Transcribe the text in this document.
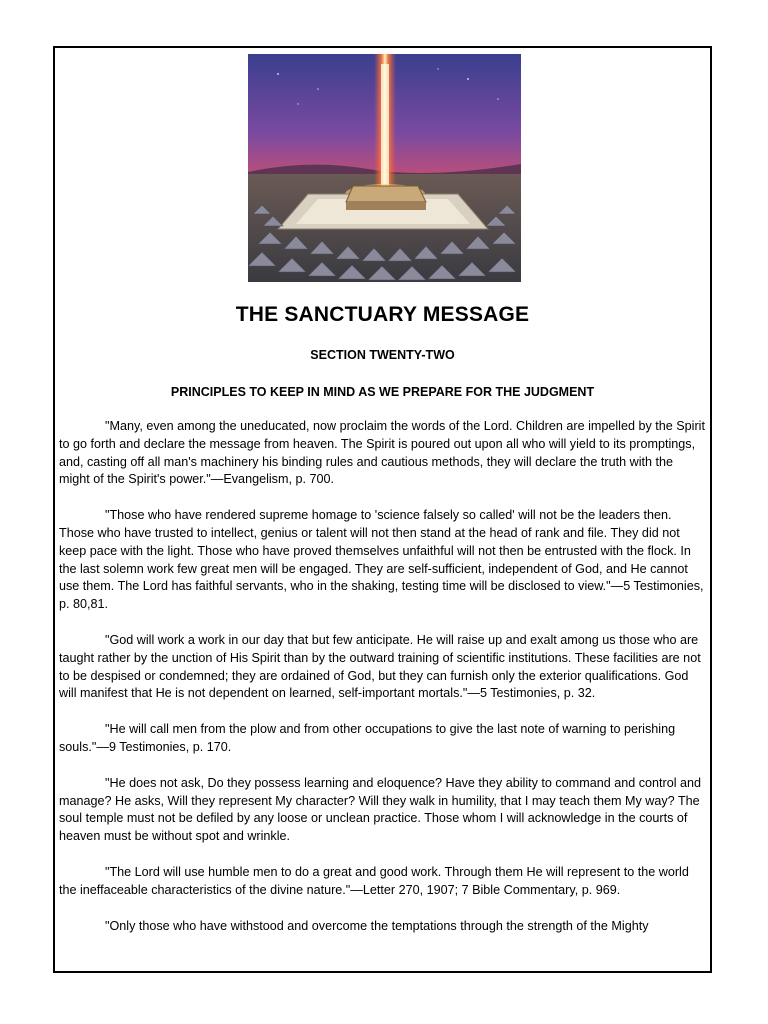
THE SANCTUARY MESSAGE
SECTION TWENTY-TWO
PRINCIPLES TO KEEP IN MIND AS WE PREPARE FOR THE JUDGMENT

"Many, even among the uneducated, now proclaim the words of the Lord. Children are impelled by the Spirit to go forth and declare the message from heaven. The Spirit is poured out upon all who will yield to its promptings, and, casting off all man's machinery his binding rules and cautious methods, they will declare the truth with the might of the Spirit's power."—Evangelism, p. 700.

"Those who have rendered supreme homage to 'science falsely so called' will not be the leaders then. Those who have trusted to intellect, genius or talent will not then stand at the head of rank and file. They did not keep pace with the light. Those who have proved themselves unfaithful will not then be entrusted with the flock. In the last solemn work few great men will be engaged. They are self-sufficient, independent of God, and He cannot use them. The Lord has faithful servants, who in the shaking, testing time will be disclosed to view."—5 Testimonies, p. 80,81.

"God will work a work in our day that but few anticipate. He will raise up and exalt among us those who are taught rather by the unction of His Spirit than by the outward training of scientific institutions. These facilities are not to be despised or condemned; they are ordained of God, but they can furnish only the exterior qualifications. God will manifest that He is not dependent on learned, self-important mortals."—5 Testimonies, p. 32.

"He will call men from the plow and from other occupations to give the last note of warning to perishing souls."—9 Testimonies, p. 170.

"He does not ask, Do they possess learning and eloquence? Have they ability to command and control and manage? He asks, Will they represent My character? Will they walk in humility, that I may teach them My way? The soul temple must not be defiled by any loose or unclean practice. Those whom I will acknowledge in the courts of heaven must be without spot and wrinkle.

"The Lord will use humble men to do a great and good work. Through them He will represent to the world the ineffaceable characteristics of the divine nature."—Letter 270, 1907; 7 Bible Commentary, p. 969.

"Only those who have withstood and overcome the temptations through the strength of the Mighty
